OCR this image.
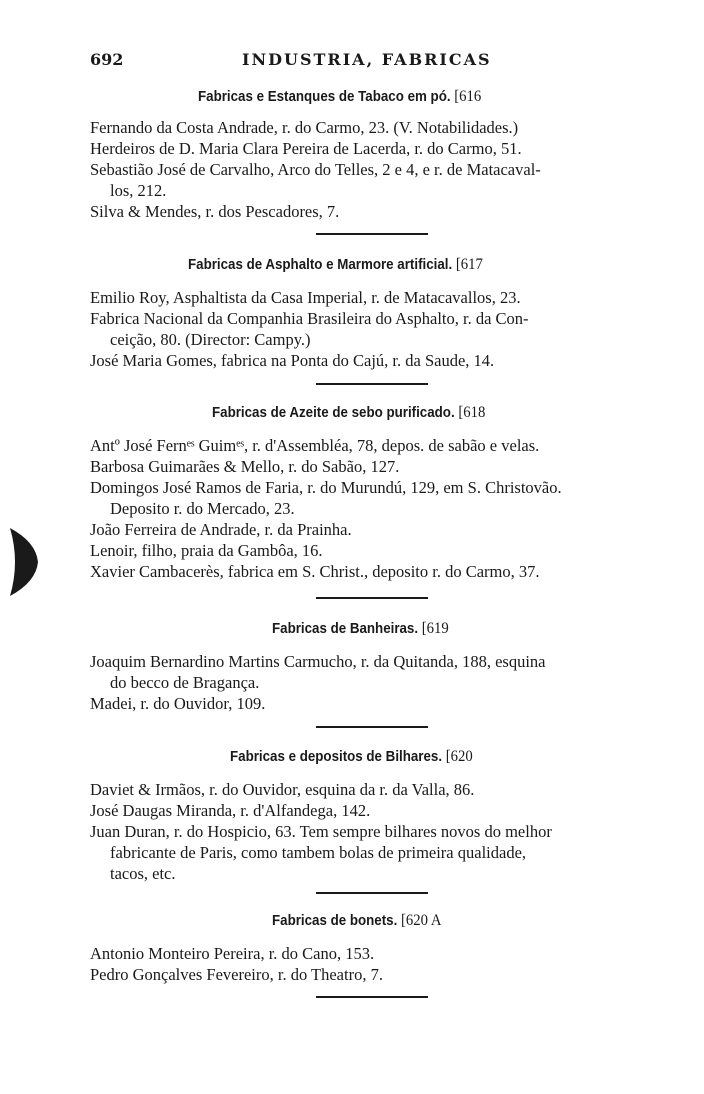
692	INDUSTRIA, FABRICAS
Fabricas e Estanques de Tabaco em pó. [616
Fernando da Costa Andrade, r. do Carmo, 23. (V. Notabilidades.)
Herdeiros de D. Maria Clara Pereira de Lacerda, r. do Carmo, 51.
Sebastião José de Carvalho, Arco do Telles, 2 e 4, e r. de Matacaval-
los, 212.
Silva & Mendes, r. dos Pescadores, 7.
Fabricas de Asphalto e Marmore artificial. [617
Emilio Roy, Asphaltista da Casa Imperial, r. de Matacavallos, 23.
Fabrica Nacional da Companhia Brasileira do Asphalto, r. da Con-
ceição, 80. (Director: Campy.)
José Maria Gomes, fabrica na Ponta do Cajú, r. da Saude, 14.
Fabricas de Azeite de sebo purificado. [618
Antº José Fernᵉˢ Guimᵉˢ, r. d'Assembléa, 78, depos. de sabão e velas.
Barbosa Guimarães & Mello, r. do Sabão, 127.
Domingos José Ramos de Faria, r. do Murundú, 129, em S. Christovão.
Deposito r. do Mercado, 23.
João Ferreira de Andrade, r. da Prainha.
Lenoir, filho, praia da Gambôa, 16.
Xavier Cambacerès, fabrica em S. Christ., deposito r. do Carmo, 37.
Fabricas de Banheiras. [619
Joaquim Bernardino Martins Carmucho, r. da Quitanda, 188, esquina
do becco de Bragança.
Madei, r. do Ouvidor, 109.
Fabricas e depositos de Bilhares. [620
Daviet & Irmãos, r. do Ouvidor, esquina da r. da Valla, 86.
José Daugas Miranda, r. d'Alfandega, 142.
Juan Duran, r. do Hospicio, 63. Tem sempre bilhares novos do melhor
fabricante de Paris, como tambem bolas de primeira qualidade,
tacos, etc.
Fabricas de bonets. [620 A
Antonio Monteiro Pereira, r. do Cano, 153.
Pedro Gonçalves Fevereiro, r. do Theatro, 7.
